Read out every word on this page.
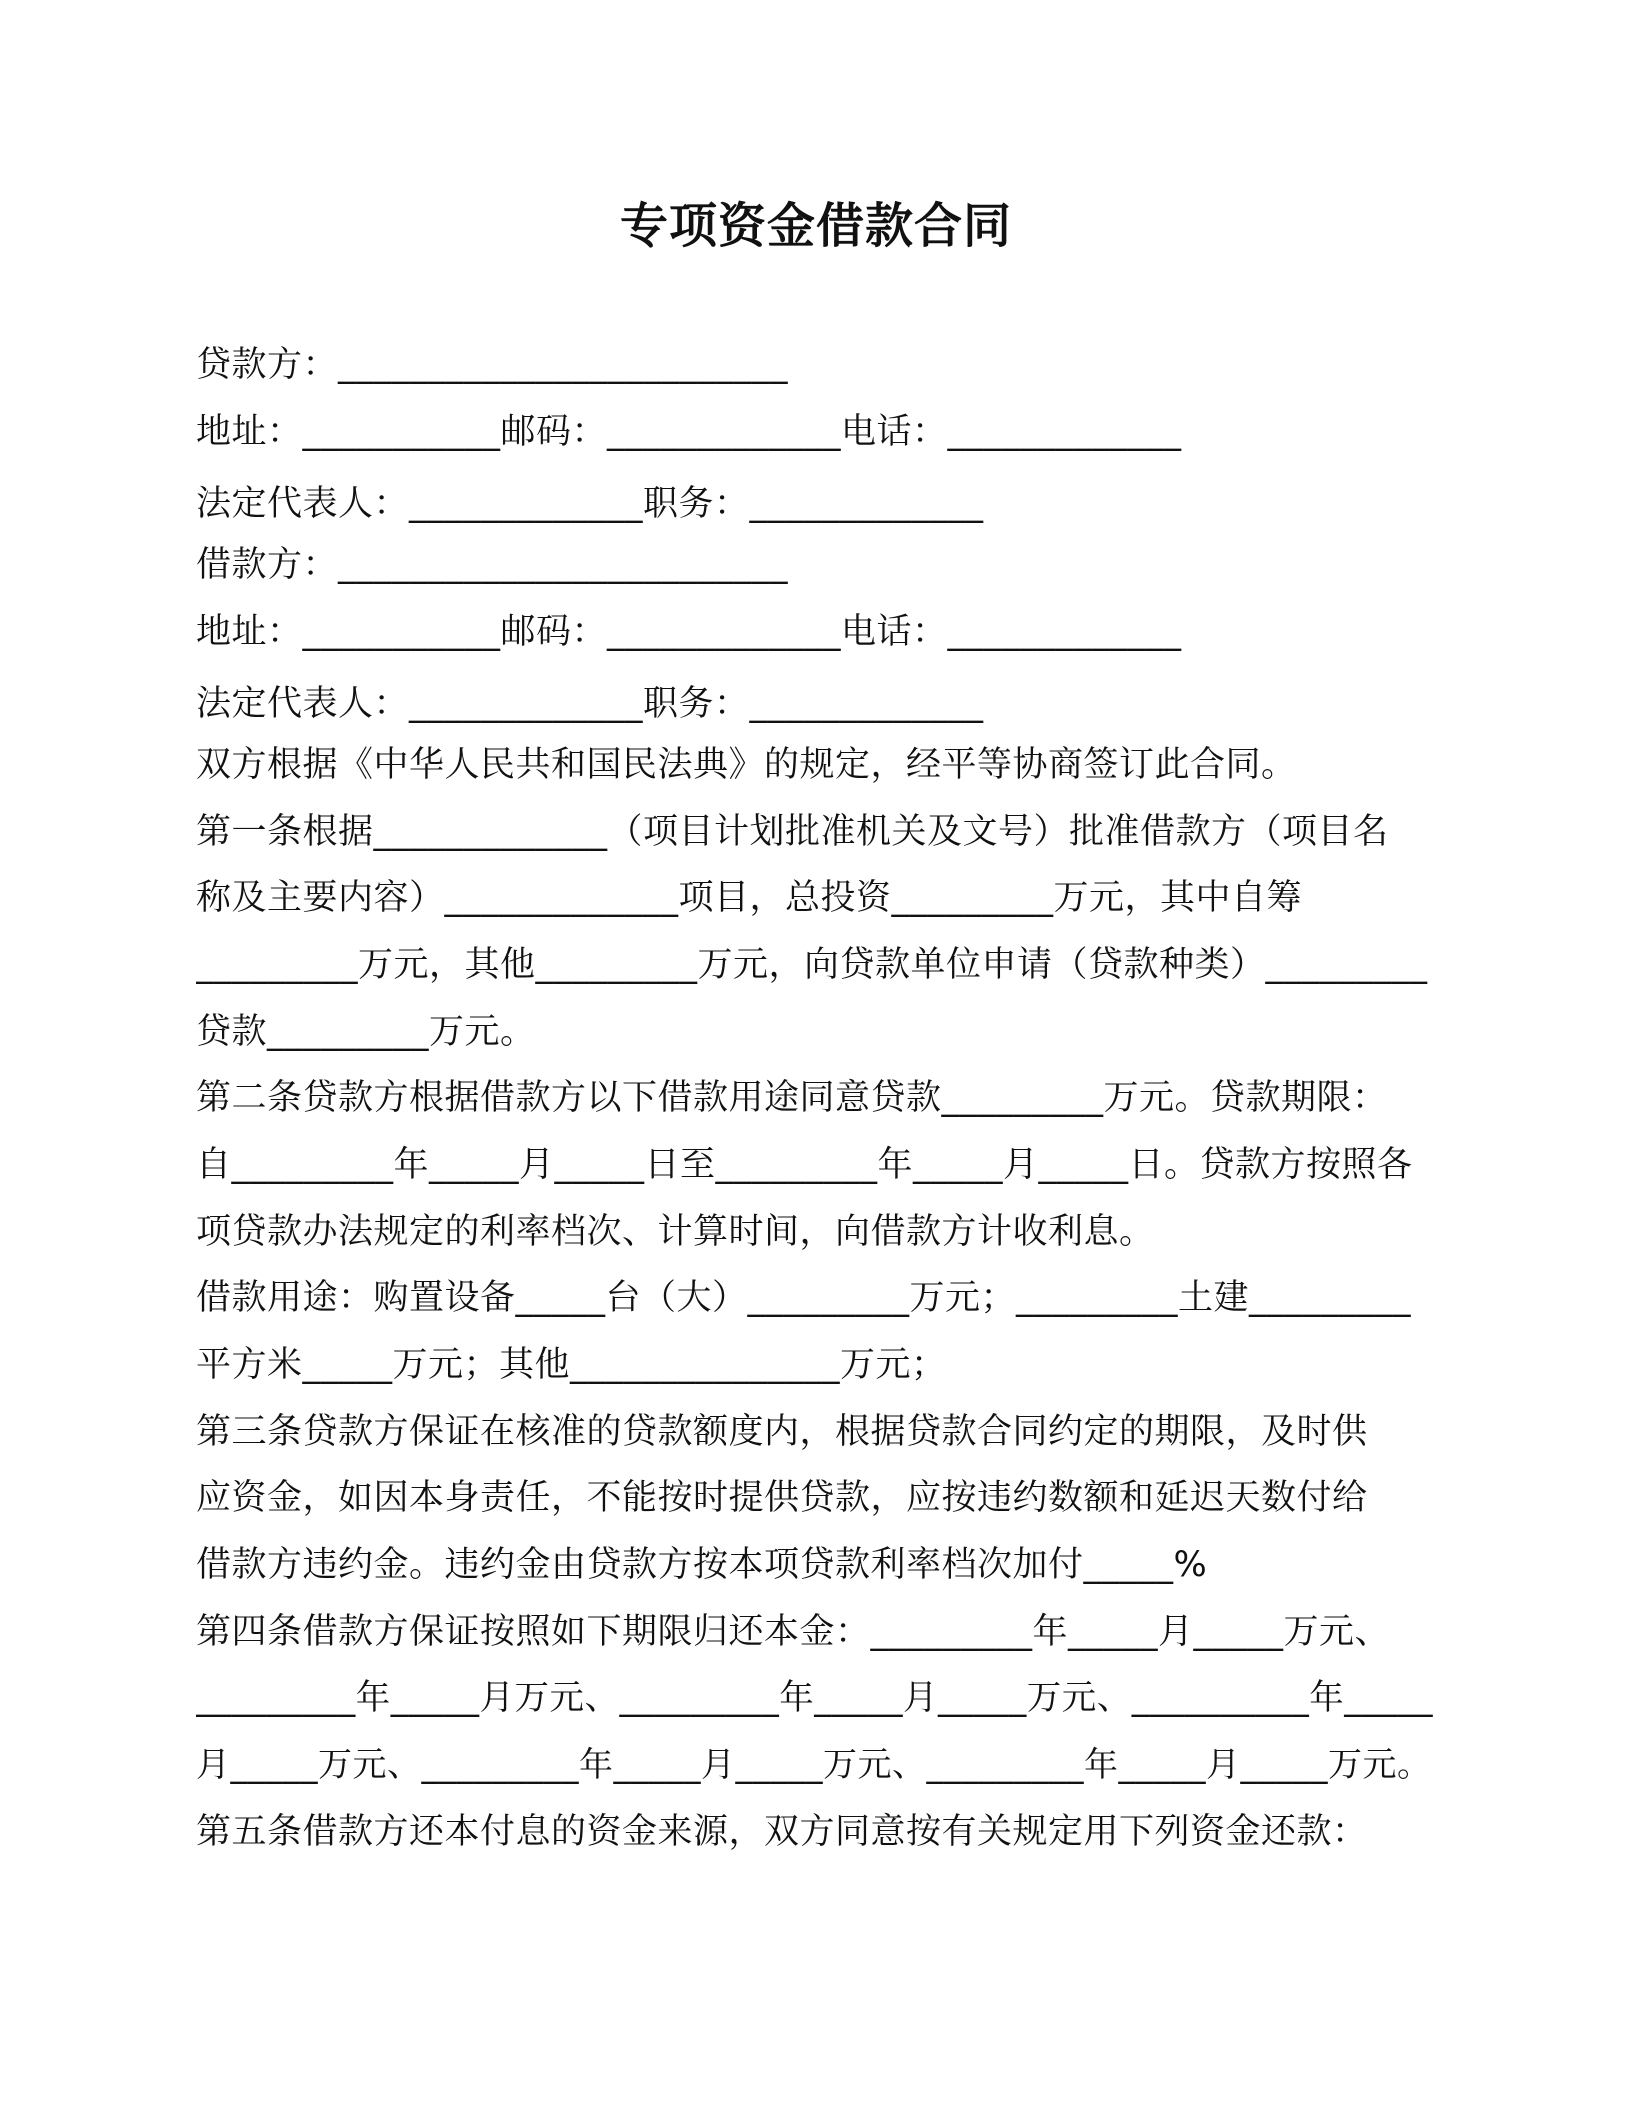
专项资金借款合同
贷款方：_________________________
地址：___________邮码：_____________电话：_____________
法定代表人：_____________职务：_____________
借款方：_________________________
地址：___________邮码：_____________电话：_____________
法定代表人：_____________职务：_____________
双方根据《中华人民共和国民法典》的规定，经平等协商签订此合同。
第一条根据_____________（项目计划批准机关及文号）批准借款方（项目名
称及主要内容）_____________项目，总投资_________万元，其中自筹
_________万元，其他_________万元，向贷款单位申请（贷款种类）_________
贷款_________万元。
第二条贷款方根据借款方以下借款用途同意贷款_________万元。贷款期限：
自_________年_____月_____日至_________年_____月_____日。贷款方按照各
项贷款办法规定的利率档次、计算时间，向借款方计收利息。
借款用途：购置设备_____台（大）_________万元；_________土建_________
平方米_____万元；其他_______________万元；
第三条贷款方保证在核准的贷款额度内，根据贷款合同约定的期限，及时供
应资金，如因本身责任，不能按时提供贷款，应按违约数额和延迟天数付给
借款方违约金。违约金由贷款方按本项贷款利率档次加付_____%
第四条借款方保证按照如下期限归还本金：_________年_____月_____万元、
_________年_____月万元、_________年_____月_____万元、__________年_____
月_____万元、_________年_____月_____万元、_________年_____月_____万元。
第五条借款方还本付息的资金来源，双方同意按有关规定用下列资金还款：
